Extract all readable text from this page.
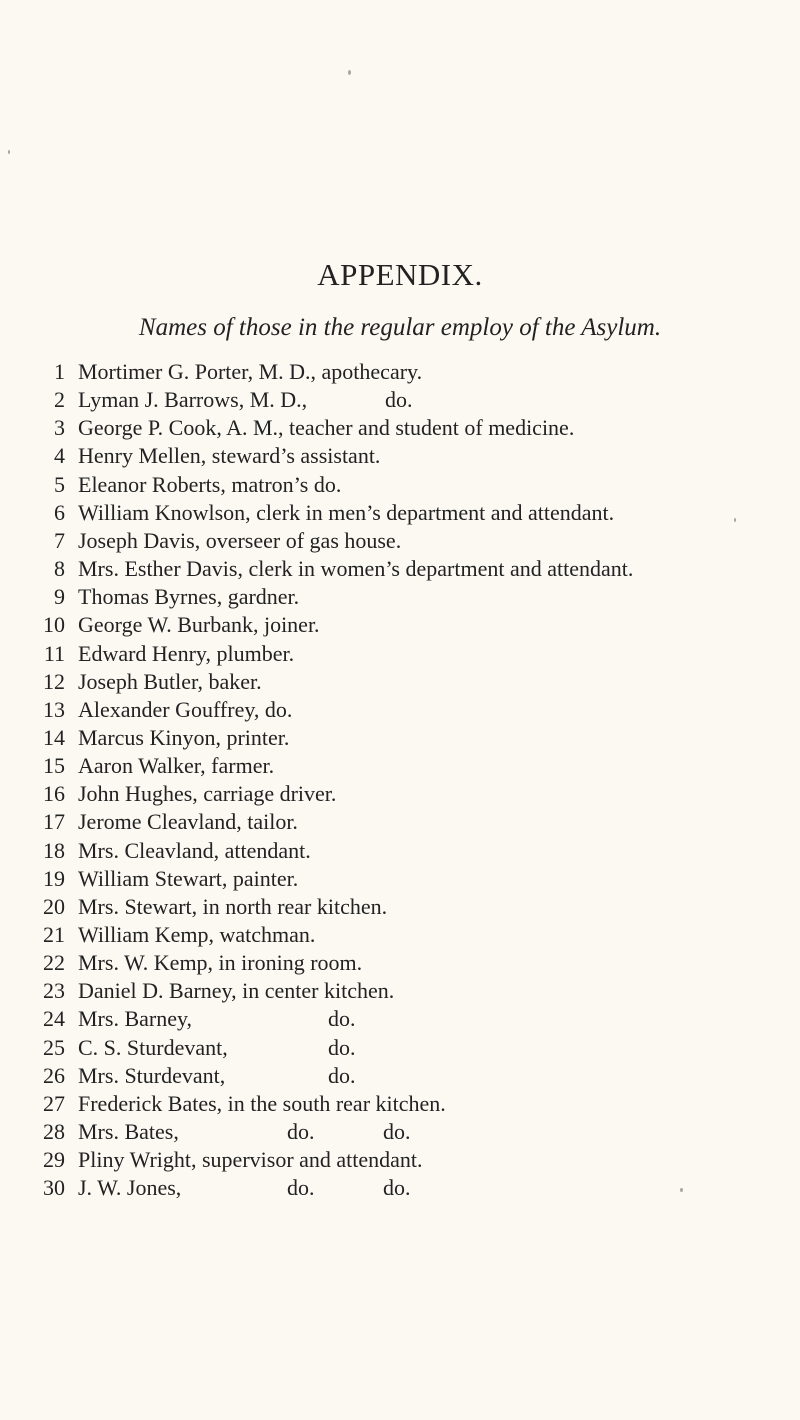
APPENDIX.
Names of those in the regular employ of the Asylum.
1 Mortimer G. Porter, M. D., apothecary.
2 Lyman J. Barrows, M. D.,	do.
3 George P. Cook, A. M., teacher and student of medicine.
4 Henry Mellen, steward’s assistant.
5 Eleanor Roberts, matron’s do.
6 William Knowlson, clerk in men’s department and attendant.
7 Joseph Davis, overseer of gas house.
8 Mrs. Esther Davis, clerk in women’s department and attendant.
9 Thomas Byrnes, gardner.
10 George W. Burbank, joiner.
11 Edward Henry, plumber.
12 Joseph Butler, baker.
13 Alexander Gouffrey, do.
14 Marcus Kinyon, printer.
15 Aaron Walker, farmer.
16 John Hughes, carriage driver.
17 Jerome Cleavland, tailor.
18 Mrs. Cleavland, attendant.
19 William Stewart, painter.
20 Mrs. Stewart, in north rear kitchen.
21 William Kemp, watchman.
22 Mrs. W. Kemp, in ironing room.
23 Daniel D. Barney, in center kitchen.
24 Mrs. Barney,	do.
25 C. S. Sturdevant,	do.
26 Mrs. Sturdevant,	do.
27 Frederick Bates, in the south rear kitchen.
28 Mrs. Bates,	do.	do.
29 Pliny Wright, supervisor and attendant.
30 J. W. Jones,	do.	do.
